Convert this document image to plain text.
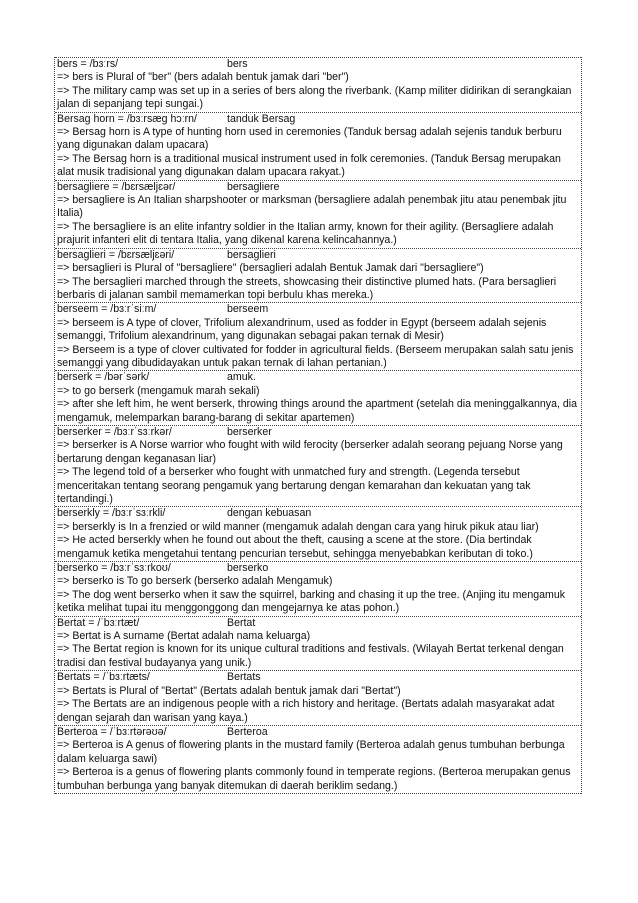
bers = /bɜːrs/	bers
=> bers is Plural of "ber" (bers adalah bentuk jamak dari "ber")
=> The military camp was set up in a series of bers along the riverbank. (Kamp militer didirikan di serangkaian jalan di sepanjang tepi sungai.)
Bersag horn = /bɜːrsæg hɔːrn/	tanduk Bersag
=> Bersag horn is A type of hunting horn used in ceremonies (Tanduk bersag adalah sejenis tanduk berburu yang digunakan dalam upacara)
=> The Bersag horn is a traditional musical instrument used in folk ceremonies. (Tanduk Bersag merupakan alat musik tradisional yang digunakan dalam upacara rakyat.)
bersagliere = /bɛrsæljɛər/	bersagliere
=> bersagliere is An Italian sharpshooter or marksman (bersagliere adalah penembak jitu atau penembak jitu Italia)
=> The bersagliere is an elite infantry soldier in the Italian army, known for their agility. (Bersagliere adalah prajurit infanteri elit di tentara Italia, yang dikenal karena kelincahannya.)
bersaglieri = /bɛrsæljɛəri/	bersaglieri
=> bersaglieri is Plural of "bersagliere" (bersaglieri adalah Bentuk Jamak dari "bersagliere")
=> The bersaglieri marched through the streets, showcasing their distinctive plumed hats. (Para bersaglieri berbaris di jalanan sambil memamerkan topi berbulu khas mereka.)
berseem = /bɜːrˈsiːm/	berseem
=> berseem is A type of clover, Trifolium alexandrinum, used as fodder in Egypt (berseem adalah sejenis semanggi, Trifolium alexandrinum, yang digunakan sebagai pakan ternak di Mesir)
=> Berseem is a type of clover cultivated for fodder in agricultural fields. (Berseem merupakan salah satu jenis semanggi yang dibudidayakan untuk pakan ternak di lahan pertanian.)
berserk = /bərˈsərk/	amuk.
=> to go berserk (mengamuk marah sekali)
=> after she left him, he went berserk, throwing things around the apartment (setelah dia meninggalkannya, dia mengamuk, melemparkan barang-barang di sekitar apartemen)
berserker = /bɜːrˈsɜːrkər/	berserker
=> berserker is A Norse warrior who fought with wild ferocity (berserker adalah seorang pejuang Norse yang bertarung dengan keganasan liar)
=> The legend told of a berserker who fought with unmatched fury and strength. (Legenda tersebut menceritakan tentang seorang pengamuk yang bertarung dengan kemarahan dan kekuatan yang tak tertandingi.)
berserkly = /bɜːrˈsɜːrkli/	dengan kebuasan
=> berserkly is In a frenzied or wild manner (mengamuk adalah dengan cara yang hiruk pikuk atau liar)
=> He acted berserkly when he found out about the theft, causing a scene at the store. (Dia bertindak mengamuk ketika mengetahui tentang pencurian tersebut, sehingga menyebabkan keributan di toko.)
berserko = /bɜːrˈsɜːrkoʊ/	berserko
=> berserko is To go berserk (berserko adalah Mengamuk)
=> The dog went berserko when it saw the squirrel, barking and chasing it up the tree. (Anjing itu mengamuk ketika melihat tupai itu menggonggong dan mengejarnya ke atas pohon.)
Bertat = /ˈbɜːrtæt/	Bertat
=> Bertat is A surname (Bertat adalah nama keluarga)
=> The Bertat region is known for its unique cultural traditions and festivals. (Wilayah Bertat terkenal dengan tradisi dan festival budayanya yang unik.)
Bertats = /ˈbɜːrtæts/	Bertats
=> Bertats is Plural of "Bertat" (Bertats adalah bentuk jamak dari "Bertat")
=> The Bertats are an indigenous people with a rich history and heritage. (Bertats adalah masyarakat adat dengan sejarah dan warisan yang kaya.)
Berteroa = /ˈbɜːrtərəʊə/	Berteroa
=> Berteroa is A genus of flowering plants in the mustard family (Berteroa adalah genus tumbuhan berbunga dalam keluarga sawi)
=> Berteroa is a genus of flowering plants commonly found in temperate regions. (Berteroa merupakan genus tumbuhan berbunga yang banyak ditemukan di daerah beriklim sedang.)
